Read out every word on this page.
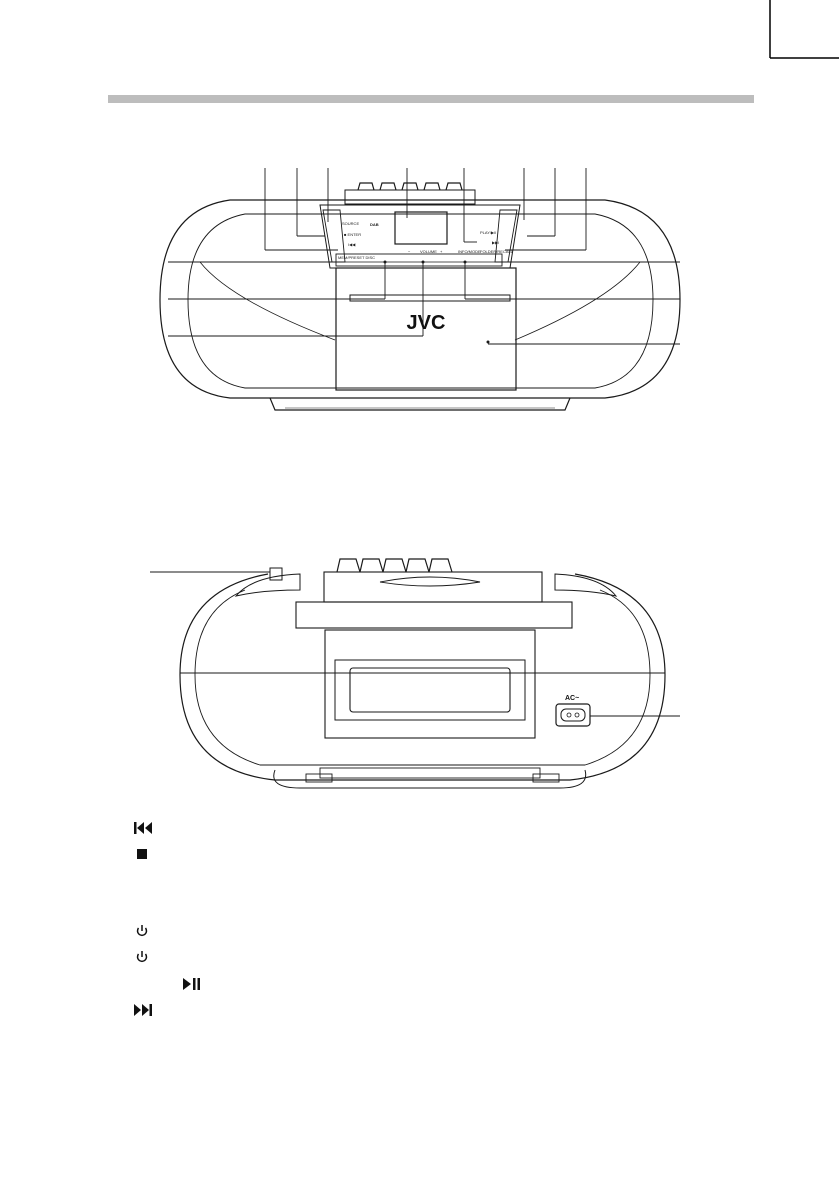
JVC
SOURCE	DAB
■ ENTER
I◀◀
MEM/PRESET DISC
− VOLUME +	INFO/MODE FOLDER/RECALL
PLAY/▶II
▶▶I
AC~
